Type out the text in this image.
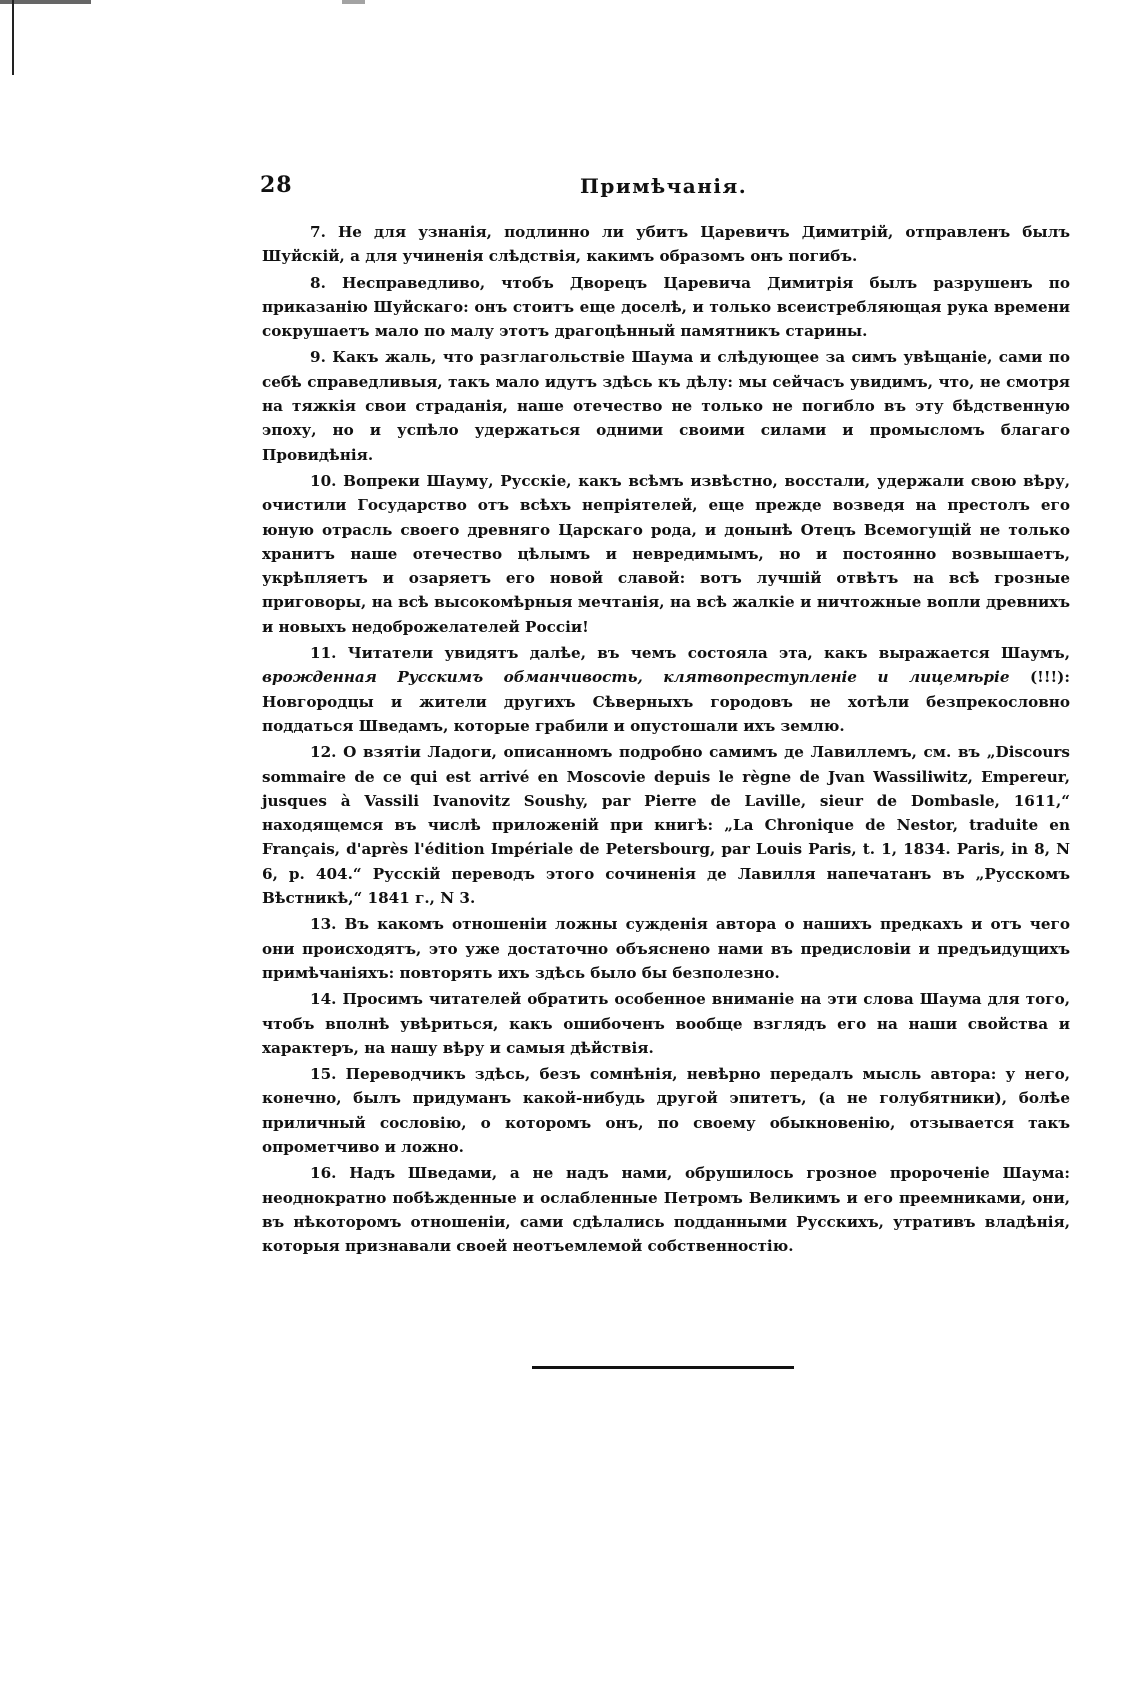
28	Примѣчанія.

7. Не для узнанія, подлинно ли убитъ Царевичъ Димитрій, отправленъ былъ Шуйскій, а для учиненія слѣдствія, какимъ образомъ онъ погибъ.

8. Несправедливо, чтобъ Дворецъ Царевича Димитрія былъ разрушенъ по приказанію Шуйскаго: онъ стоитъ еще доселѣ, и только всеистребляющая рука времени сокрушаетъ мало по малу этотъ драгоцѣнный памятникъ старины.

9. Какъ жаль, что разглагольствіе Шаума и слѣдующее за симъ увѣщаніе, сами по себѣ справедливыя, такъ мало идутъ здѣсь къ дѣлу: мы сейчасъ увидимъ, что, не смотря на тяжкія свои страданія, наше отечество не только не погибло въ эту бѣдственную эпоху, но и успѣло удержаться одними своими силами и промысломъ благаго Провидѣнія.

10. Вопреки Шауму, Русскіе, какъ всѣмъ извѣстно, восстали, удержали свою вѣру, очистили Государство отъ всѣхъ непріятелей, еще прежде возведя на престолъ его юную отрасль своего древняго Царскаго рода, и донынѣ Отецъ Всемогущій не только хранитъ наше отечество цѣлымъ и невредимымъ, но и постоянно возвышаетъ, укрѣпляетъ и озаряетъ его новой славой: вотъ лучшій отвѣтъ на всѣ грозные приговоры, на всѣ высокомѣрныя мечтанія, на всѣ жалкіе и ничтожные вопли древнихъ и новыхъ недоброжелателей Россіи!

11. Читатели увидятъ далѣе, въ чемъ состояла эта, какъ выражается Шаумъ, врожденная Русскимъ обманчивость, клятвопреступленіе и лицемѣріе (!!!): Новгородцы и жители другихъ Сѣверныхъ городовъ не хотѣли безпрекословно поддаться Шведамъ, которые грабили и опустошали ихъ землю.

12. О взятіи Ладоги, описанномъ подробно самимъ де Лавиллемъ, см. въ „Discours sommaire de ce qui est arrivé en Moscovie depuis le règne de Jvan Wassiliwitz, Empereur, jusques à Vassili Ivanovitz Soushy, par Pierre de Laville, sieur de Dombasle, 1611,“ находящемся въ числѣ приложеній при книгѣ: „La Chronique de Nestor, traduite en Français, d'après l'édition Impériale de Petersbourg, par Louis Paris, t. 1, 1834. Paris, in 8, N 6, p. 404.“ Русскій переводъ этого сочиненія де Лавилля напечатанъ въ „Русскомъ Вѣстникѣ,“ 1841 г., N 3.

13. Въ какомъ отношеніи ложны сужденія автора о нашихъ предкахъ и отъ чего они происходятъ, это уже достаточно объяснено нами въ предисловіи и предъидущихъ примѣчаніяхъ: повторять ихъ здѣсь было бы безполезно.

14. Просимъ читателей обратить особенное вниманіе на эти слова Шаума для того, чтобъ вполнѣ увѣриться, какъ ошибоченъ вообще взглядъ его на наши свойства и характеръ, на нашу вѣру и самыя дѣйствія.

15. Переводчикъ здѣсь, безъ сомнѣнія, невѣрно передалъ мысль автора: у него, конечно, былъ придуманъ какой-нибудь другой эпитетъ, (а не голубятники), болѣе приличный сословію, о которомъ онъ, по своему обыкновенію, отзывается такъ опрометчиво и ложно.

16. Надъ Шведами, а не надъ нами, обрушилось грозное пророченіе Шаума: неоднократно побѣжденные и ослабленные Петромъ Великимъ и его преемниками, они, въ нѣкоторомъ отношеніи, сами сдѣлались подданными Русскихъ, утративъ владѣнія, которыя признавали своей неотъемлемой собственностію.
